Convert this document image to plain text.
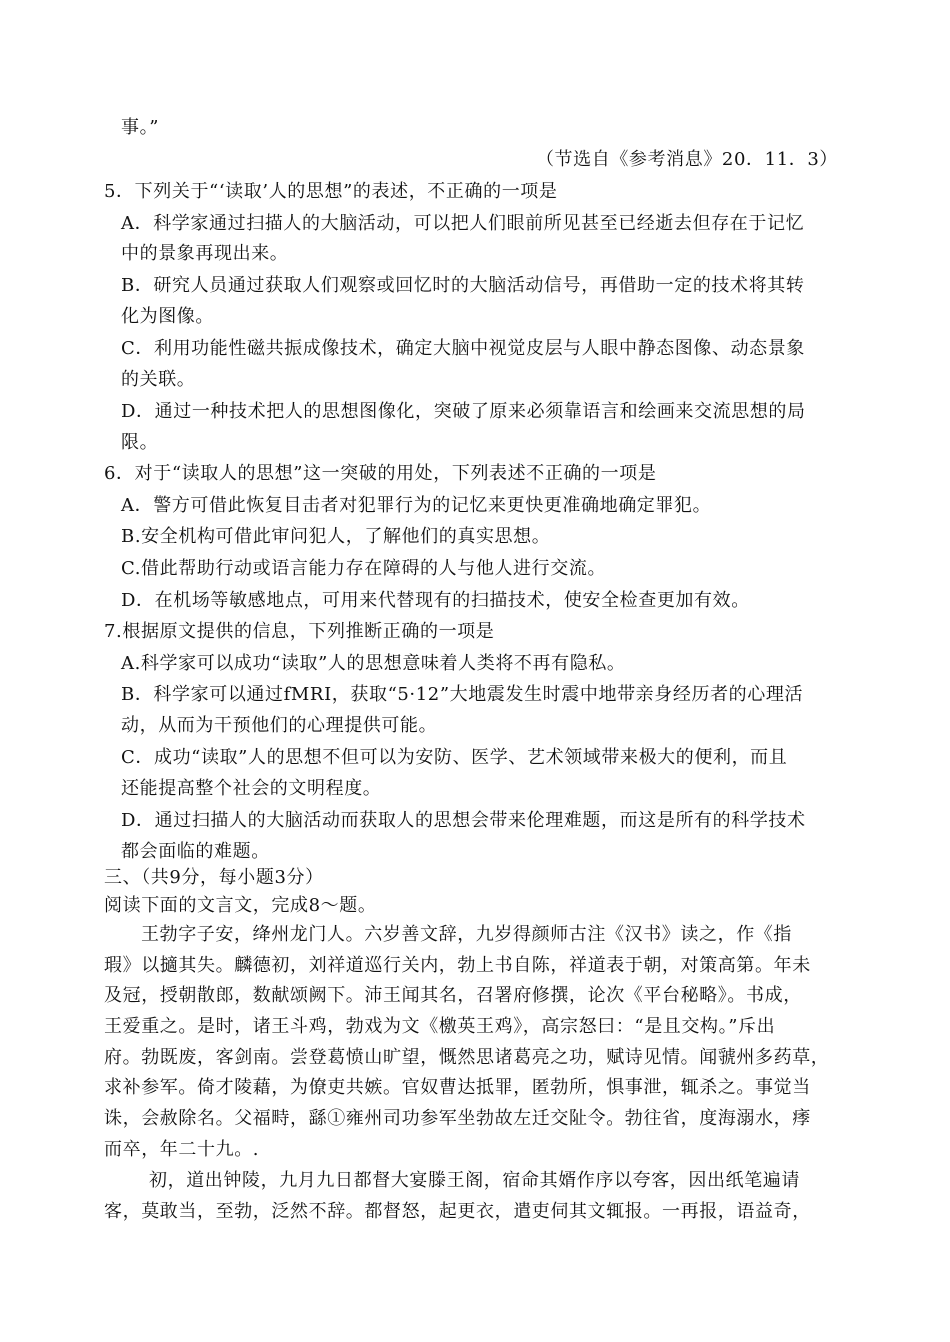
事。”
（节选自《参考消息》20．11．3）
5．下列关于“‘读取’人的思想”的表述，不正确的一项是
A．科学家通过扫描人的大脑活动，可以把人们眼前所见甚至已经逝去但存在于记忆
中的景象再现出来。
B．研究人员通过获取人们观察或回忆时的大脑活动信号，再借助一定的技术将其转
化为图像。
C．利用功能性磁共振成像技术，确定大脑中视觉皮层与人眼中静态图像、动态景象
的关联。
D．通过一种技术把人的思想图像化，突破了原来必须靠语言和绘画来交流思想的局
限。
6．对于“读取人的思想”这一突破的用处，下列表述不正确的一项是
A．警方可借此恢复目击者对犯罪行为的记忆来更快更准确地确定罪犯。
B.安全机构可借此审问犯人，了解他们的真实思想。
C.借此帮助行动或语言能力存在障碍的人与他人进行交流。
D．在机场等敏感地点，可用来代替现有的扫描技术，使安全检查更加有效。
7.根据原文提供的信息，下列推断正确的一项是
A.科学家可以成功“读取”人的思想意味着人类将不再有隐私。
B．科学家可以通过fMRI，获取“5·12”大地震发生时震中地带亲身经历者的心理活
动，从而为干预他们的心理提供可能。
C．成功“读取”人的思想不但可以为安防、医学、艺术领域带来极大的便利，而且
还能提高整个社会的文明程度。
D．通过扫描人的大脑活动而获取人的思想会带来伦理难题，而这是所有的科学技术
都会面临的难题。
三、（共9分，每小题3分）
阅读下面的文言文，完成8～题。
王勃字子安，绛州龙门人。六岁善文辞，九岁得颜师古注《汉书》读之，作《指
瑕》以擿其失。麟德初，刘祥道巡行关内，勃上书自陈，祥道表于朝，对策高第。年未
及冠，授朝散郎，数献颂阙下。沛王闻其名，召署府修撰，论次《平台秘略》。书成，
王爱重之。是时，诸王斗鸡，勃戏为文《檄英王鸡》，高宗怒曰：“是且交构。”斥出
府。勃既废，客剑南。尝登葛愤山旷望，慨然思诸葛亮之功，赋诗见情。闻虢州多药草，
求补参军。倚才陵藉，为僚吏共嫉。官奴曹达抵罪，匿勃所，惧事泄，辄杀之。事觉当
诛，会赦除名。父福畤，繇①雍州司功参军坐勃故左迁交阯令。勃往省，度海溺水，痵
而卒，年二十九。.
初，道出钟陵，九月九日都督大宴滕王阁，宿命其婿作序以夸客，因出纸笔遍请
客，莫敢当，至勃，泛然不辞。都督怒，起更衣，遣吏伺其文辄报。一再报，语益奇，
